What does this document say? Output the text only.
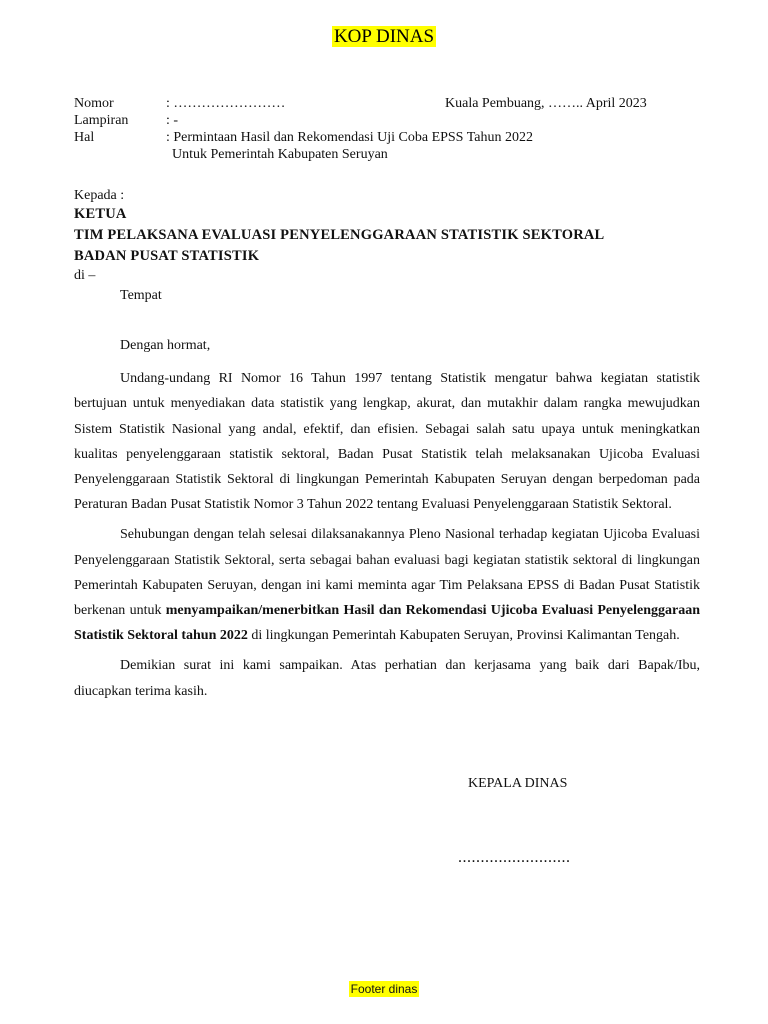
KOP DINAS
Nomor	: ……………………
Lampiran	: -
Hal	: Permintaan Hasil dan Rekomendasi Uji Coba EPSS Tahun 2022
Untuk Pemerintah Kabupaten Seruyan
Kuala Pembuang, …….. April 2023
Kepada :
KETUA
TIM PELAKSANA EVALUASI PENYELENGGARAAN STATISTIK SEKTORAL
BADAN PUSAT STATISTIK
di –
Tempat

Dengan hormat,

Undang-undang RI Nomor 16 Tahun 1997 tentang Statistik mengatur bahwa kegiatan statistik bertujuan untuk menyediakan data statistik yang lengkap, akurat, dan mutakhir dalam rangka mewujudkan Sistem Statistik Nasional yang andal, efektif, dan efisien. Sebagai salah satu upaya untuk meningkatkan kualitas penyelenggaraan statistik sektoral, Badan Pusat Statistik telah melaksanakan Ujicoba Evaluasi Penyelenggaraan Statistik Sektoral di lingkungan Pemerintah Kabupaten Seruyan dengan berpedoman pada Peraturan Badan Pusat Statistik Nomor 3 Tahun 2022 tentang Evaluasi Penyelenggaraan Statistik Sektoral.

Sehubungan dengan telah selesai dilaksanakannya Pleno Nasional terhadap kegiatan Ujicoba Evaluasi Penyelenggaraan Statistik Sektoral, serta sebagai bahan evaluasi bagi kegiatan statistik sektoral di lingkungan Pemerintah Kabupaten Seruyan, dengan ini kami meminta agar Tim Pelaksana EPSS di Badan Pusat Statistik berkenan untuk menyampaikan/menerbitkan Hasil dan Rekomendasi Ujicoba Evaluasi Penyelenggaraan Statistik Sektoral tahun 2022 di lingkungan Pemerintah Kabupaten Seruyan, Provinsi Kalimantan Tengah.

Demikian surat ini kami sampaikan. Atas perhatian dan kerjasama yang baik dari Bapak/Ibu, diucapkan terima kasih.

KEPALA DINAS
.........................
Footer dinas
